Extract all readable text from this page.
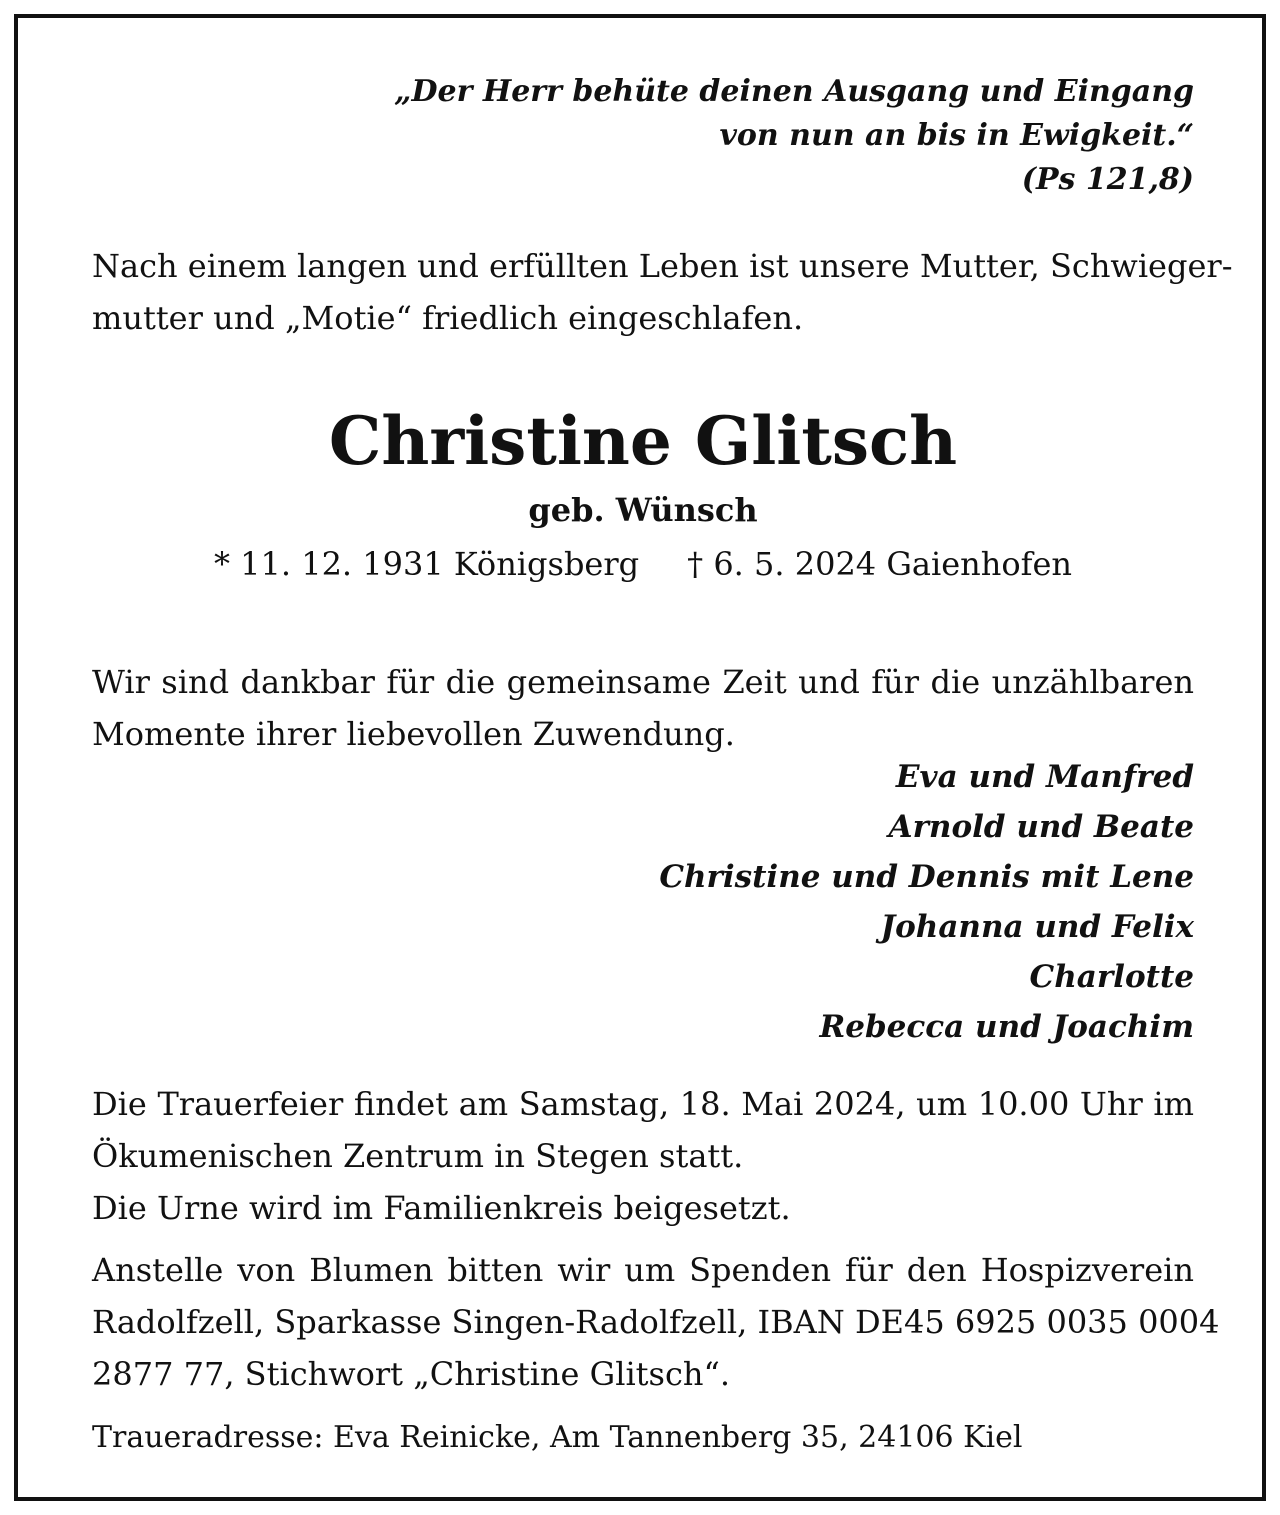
„Der Herr behüte deinen Ausgang und Eingang
von nun an bis in Ewigkeit.“
(Ps 121,8)
Nach einem langen und erfüllten Leben ist unsere Mutter, Schwieger-
mutter und „Motie“ friedlich eingeschlafen.
Christine Glitsch
geb. Wünsch
* 11. 12. 1931 Königsberg † 6. 5. 2024 Gaienhofen
Wir sind dankbar für die gemeinsame Zeit und für die unzählbaren
Momente ihrer liebevollen Zuwendung.
Eva und Manfred
Arnold und Beate
Christine und Dennis mit Lene
Johanna und Felix
Charlotte
Rebecca und Joachim
Die Trauerfeier findet am Samstag, 18. Mai 2024, um 10.00 Uhr im
Ökumenischen Zentrum in Stegen statt.
Die Urne wird im Familienkreis beigesetzt.
Anstelle von Blumen bitten wir um Spenden für den Hospizverein
Radolfzell, Sparkasse Singen-Radolfzell, IBAN DE45 6925 0035 0004
2877 77, Stichwort „Christine Glitsch“.
Traueradresse: Eva Reinicke, Am Tannenberg 35, 24106 Kiel
